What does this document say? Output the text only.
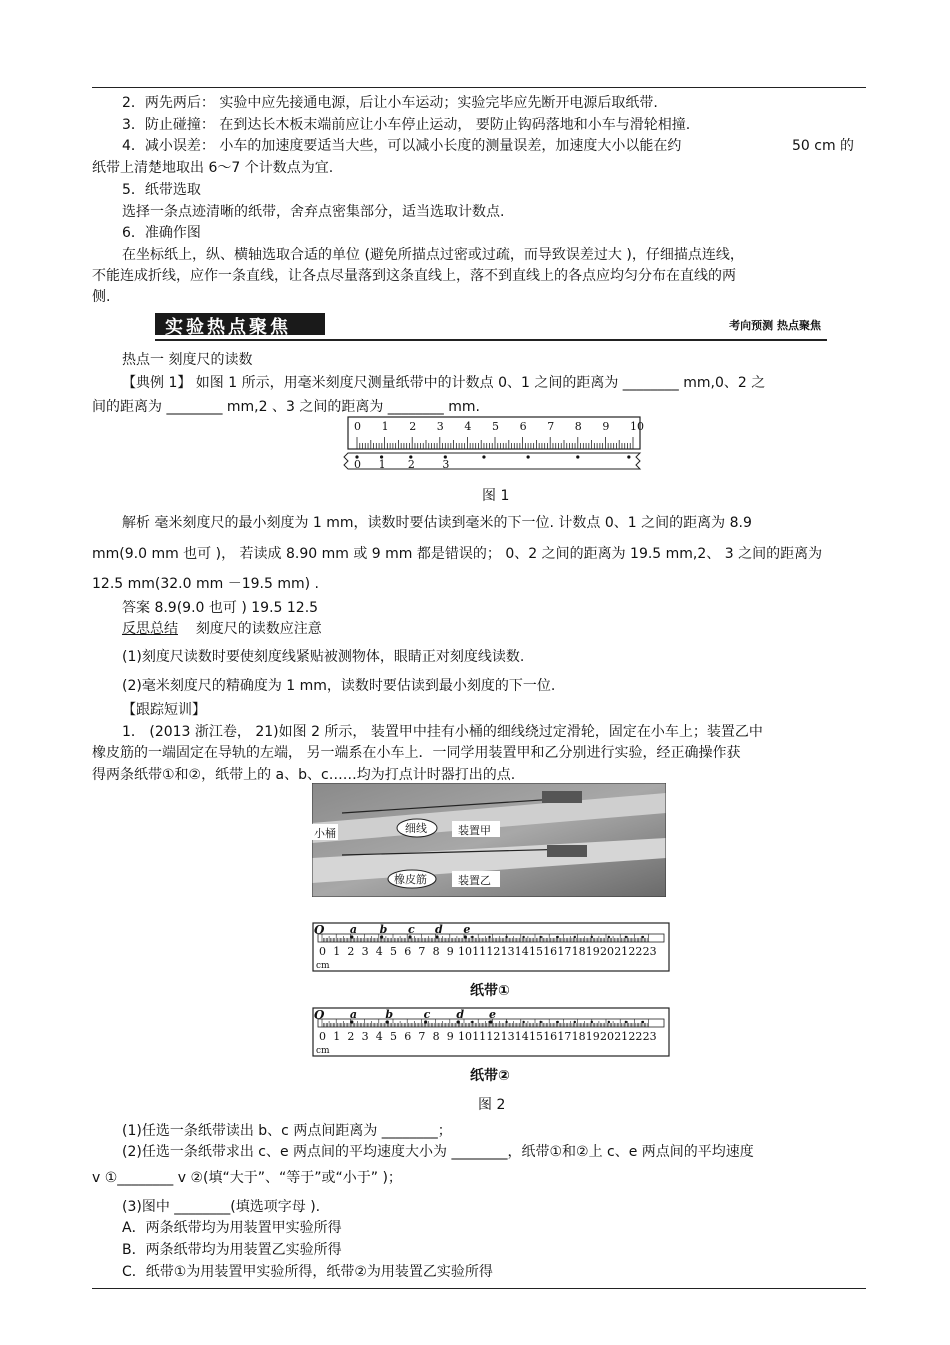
2．两先两后： 实验中应先接通电源，后让小车运动；实验完毕应先断开电源后取纸带.
3．防止碰撞： 在到达长木板末端前应让小车停止运动， 要防止钩码落地和小车与滑轮相撞.
4．减小误差： 小车的加速度要适当大些，可以减小长度的测量误差，加速度大小以能在约	50 cm 的
纸带上清楚地取出 6～7 个计数点为宜.
5．纸带选取
选择一条点迹清晰的纸带，舍弃点密集部分，适当选取计数点.
6．准确作图
在坐标纸上，纵、横轴选取合适的单位 (避免所描点过密或过疏，而导致误差过大 )，仔细描点连线，
不能连成折线，应作一条直线，让各点尽量落到这条直线上，落不到直线上的各点应均匀分布在直线的两
侧.
实验热点聚焦	考向预测 热点聚焦
热点一 刻度尺的读数
【典例 1】 如图 1 所示，用毫米刻度尺测量纸带中的计数点 0、1 之间的距离为 ________ mm,0、2 之
间的距离为 ________ mm,2 、3 之间的距离为 ________ mm.
0 1 2 3 4 5 6 7 8 9 10
0 1 2	3
图 1
解析 毫米刻度尺的最小刻度为 1 mm，读数时要估读到毫米的下一位. 计数点 0、1 之间的距离为 8.9
mm(9.0 mm 也可 )， 若读成 8.90 mm 或 9 mm 都是错误的； 0、2 之间的距离为 19.5 mm,2、 3 之间的距离为
12.5 mm(32.0 mm －19.5 mm) .
答案 8.9(9.0 也可 ) 19.5 12.5
反思总结 刻度尺的读数应注意
(1)刻度尺读数时要使刻度线紧贴被测物体，眼睛正对刻度线读数.
(2)毫米刻度尺的精确度为 1 mm，读数时要估读到最小刻度的下一位.
【跟踪短训】
1． (2013 浙江卷， 21)如图 2 所示， 装置甲中挂有小桶的细线绕过定滑轮，固定在小车上；装置乙中
橡皮筋的一端固定在导轨的左端， 另一端系在小车上．一同学用装置甲和乙分别进行实验，经正确操作获
得两条纸带①和②，纸带上的 a、b、c……均为打点计时器打出的点.
小桶	细线	装置甲
橡皮筋	装置乙
0 1 2 3 4 5 6 7 8 9 10 11 12 13 14 15 16 17 18 19 20 21 22 23
cm
O a b c d e
纸带①
0 1 2 3 4 5 6 7 8 9 10 11 12 13 14 15 16 17 18 19 20 21 22 23
cm
O a	b	c d e
纸带②
图 2
(1)任选一条纸带读出 b、c 两点间距离为 ________；
(2)任选一条纸带求出 c、e 两点间的平均速度大小为 ________，纸带①和②上 c、e 两点间的平均速度
v ①________ v ②(填“大于”、“等于”或“小于” )；
(3)图中 ________(填选项字母 ).
A．两条纸带均为用装置甲实验所得
B．两条纸带均为用装置乙实验所得
C．纸带①为用装置甲实验所得，纸带②为用装置乙实验所得
